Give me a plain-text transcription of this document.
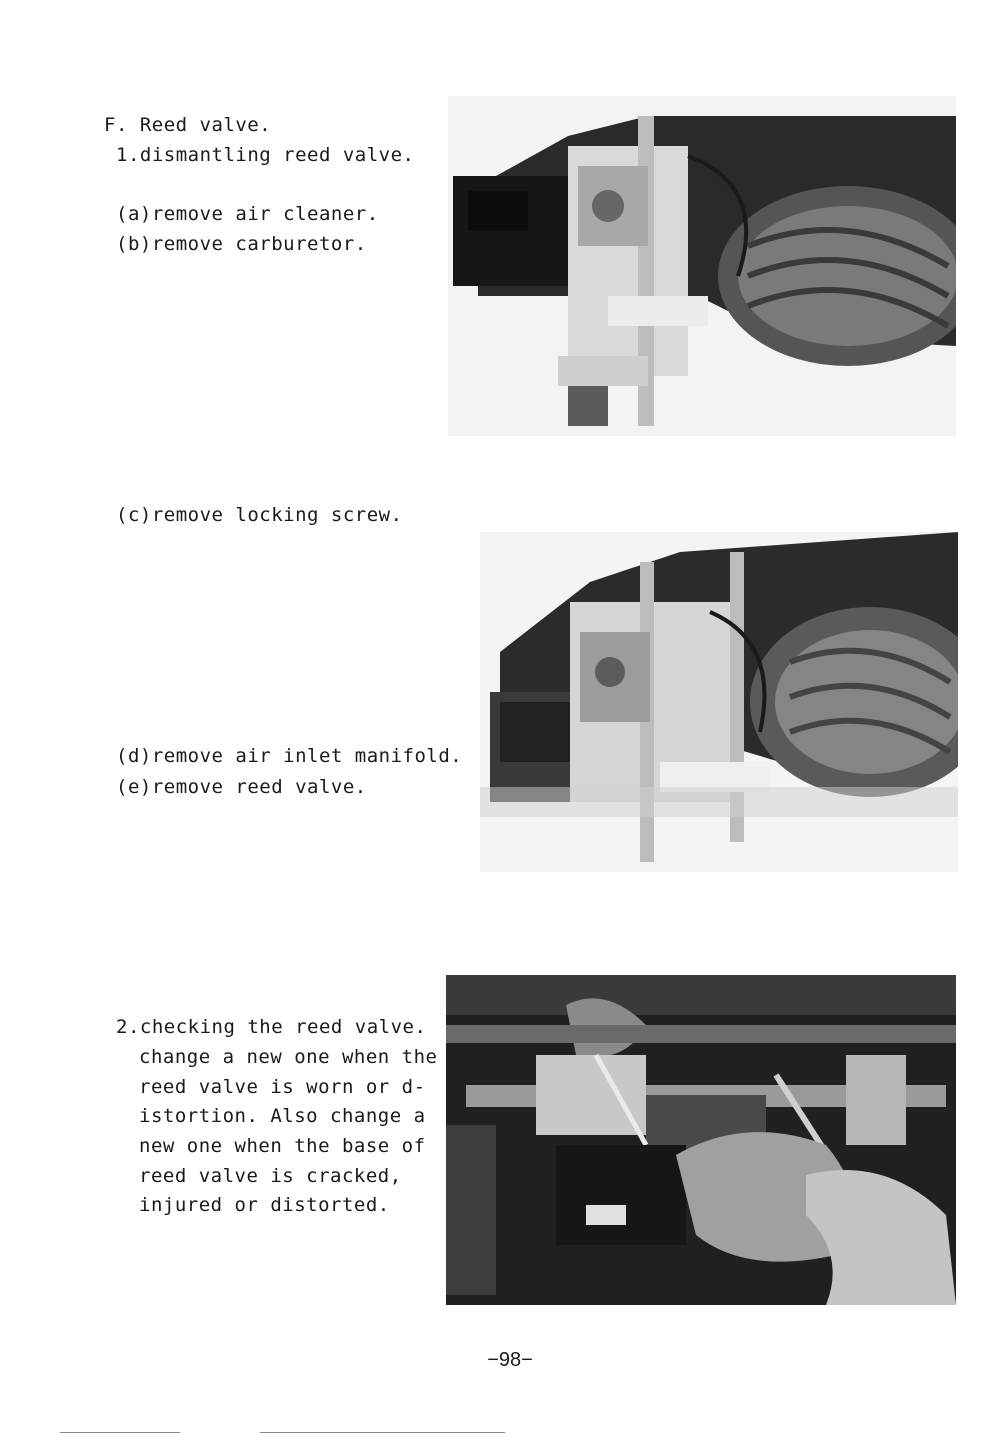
F. Reed valve.
1.dismantling reed valve.
(a)remove air cleaner.
(b)remove carburetor.
(c)remove locking screw.
(d)remove air inlet manifold.
(e)remove reed valve.
2.checking the reed valve.
change a new one when the
reed valve is worn or d-
istortion. Also change a
new one when the base of
reed valve is cracked,
injured or distorted.
−98−
